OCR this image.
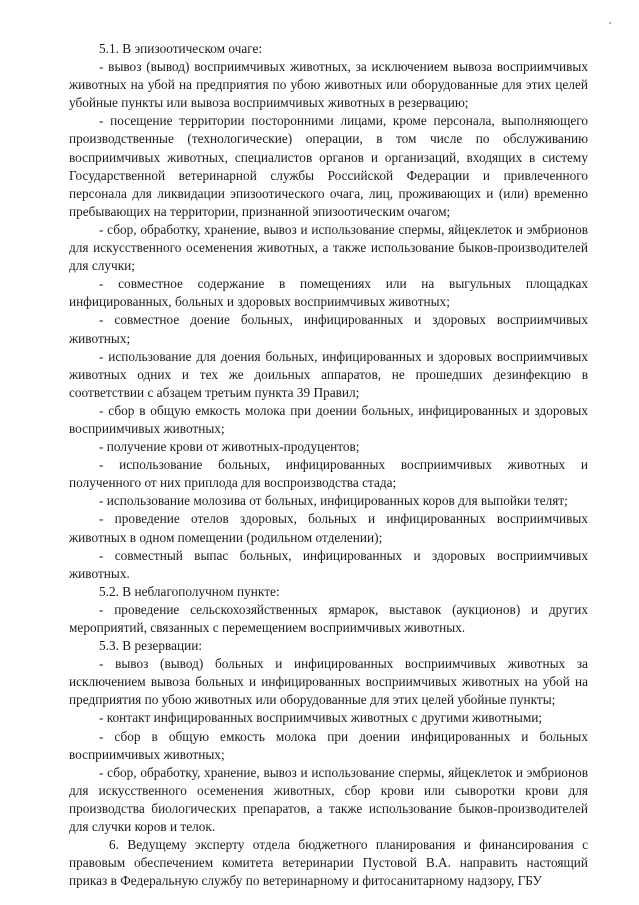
5.1. В эпизоотическом очаге:

- вывоз (вывод) восприимчивых животных, за исключением вывоза восприимчивых животных на убой на предприятия по убою животных или оборудованные для этих целей убойные пункты или вывоза восприимчивых животных в резервацию;

- посещение территории посторонними лицами, кроме персонала, выполняющего производственные (технологические) операции, в том числе по обслуживанию восприимчивых животных, специалистов органов и организаций, входящих в систему Государственной ветеринарной службы Российской Федерации и привлеченного персонала для ликвидации эпизоотического очага, лиц, проживающих и (или) временно пребывающих на территории, признанной эпизоотическим очагом;

- сбор, обработку, хранение, вывоз и использование спермы, яйцеклеток и эмбрионов для искусственного осеменения животных, а также использование быков-производителей для случки;

- совместное содержание в помещениях или на выгульных площадках инфицированных, больных и здоровых восприимчивых животных;

- совместное доение больных, инфицированных и здоровых восприимчивых животных;

- использование для доения больных, инфицированных и здоровых восприимчивых животных одних и тех же доильных аппаратов, не прошедших дезинфекцию в соответствии с абзацем третьим пункта 39 Правил;

- сбор в общую емкость молока при доении больных, инфицированных и здоровых восприимчивых животных;

- получение крови от животных-продуцентов;

- использование больных, инфицированных восприимчивых животных и полученного от них приплода для воспроизводства стада;

- использование молозива от больных, инфицированных коров для выпойки телят;

- проведение отелов здоровых, больных и инфицированных восприимчивых животных в одном помещении (родильном отделении);

- совместный выпас больных, инфицированных и здоровых восприимчивых животных.

5.2. В неблагополучном пункте:

- проведение сельскохозяйственных ярмарок, выставок (аукционов) и других мероприятий, связанных с перемещением восприимчивых животных.

5.3. В резервации:

- вывоз (вывод) больных и инфицированных восприимчивых животных за исключением вывоза больных и инфицированных восприимчивых животных на убой на предприятия по убою животных или оборудованные для этих целей убойные пункты;

- контакт инфицированных восприимчивых животных с другими животными;

- сбор в общую емкость молока при доении инфицированных и больных восприимчивых животных;

- сбор, обработку, хранение, вывоз и использование спермы, яйцеклеток и эмбрионов для искусственного осеменения животных, сбор крови или сыворотки крови для производства биологических препаратов, а также использование быков-производителей для случки коров и телок.

6. Ведущему эксперту отдела бюджетного планирования и финансирования с правовым обеспечением комитета ветеринарии Пустовой В.А. направить настоящий приказ в Федеральную службу по ветеринарному и фитосанитарному надзору, ГБУ
